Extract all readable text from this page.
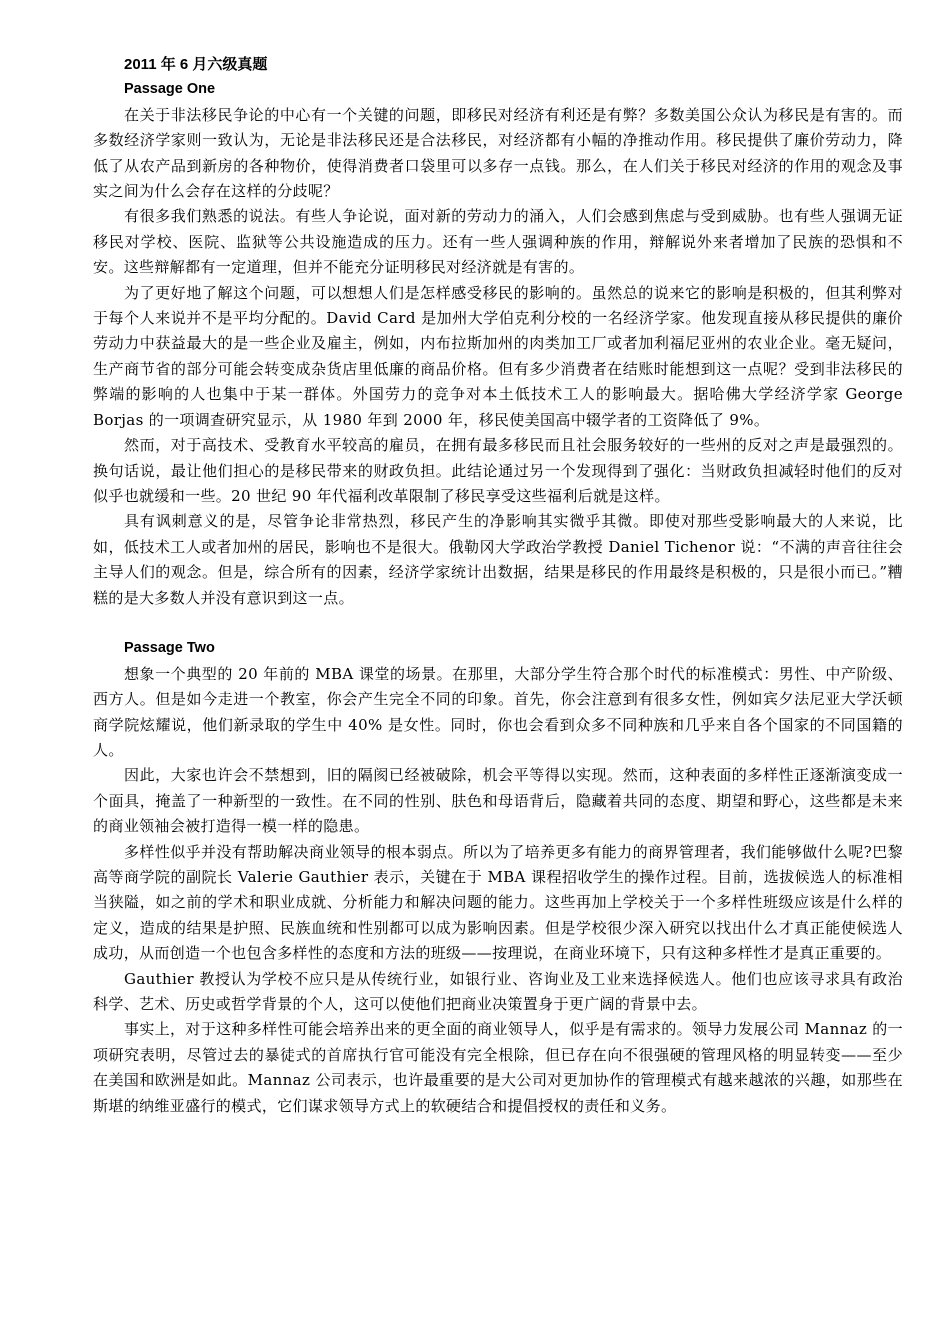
2011 年 6 月六级真题
Passage One

在关于非法移民争论的中心有一个关键的问题，即移民对经济有利还是有弊？多数美国公众认为移民是有害的。而多数经济学家则一致认为，无论是非法移民还是合法移民，对经济都有小幅的净推动作用。移民提供了廉价劳动力，降低了从农产品到新房的各种物价，使得消费者口袋里可以多存一点钱。那么，在人们关于移民对经济的作用的观念及事实之间为什么会存在这样的分歧呢？

有很多我们熟悉的说法。有些人争论说，面对新的劳动力的涌入，人们会感到焦虑与受到威胁。也有些人强调无证移民对学校、医院、监狱等公共设施造成的压力。还有一些人强调种族的作用，辩解说外来者增加了民族的恐惧和不安。这些辩解都有一定道理，但并不能充分证明移民对经济就是有害的。

为了更好地了解这个问题，可以想想人们是怎样感受移民的影响的。虽然总的说来它的影响是积极的，但其利弊对于每个人来说并不是平均分配的。David Card 是加州大学伯克利分校的一名经济学家。他发现直接从移民提供的廉价劳动力中获益最大的是一些企业及雇主，例如，内布拉斯加州的肉类加工厂或者加利福尼亚州的农业企业。毫无疑问，生产商节省的部分可能会转变成杂货店里低廉的商品价格。但有多少消费者在结账时能想到这一点呢？受到非法移民的弊端的影响的人也集中于某一群体。外国劳力的竞争对本土低技术工人的影响最大。据哈佛大学经济学家 George Borjas 的一项调查研究显示，从 1980 年到 2000 年，移民使美国高中辍学者的工资降低了 9%。

然而，对于高技术、受教育水平较高的雇员，在拥有最多移民而且社会服务较好的一些州的反对之声是最强烈的。换句话说，最让他们担心的是移民带来的财政负担。此结论通过另一个发现得到了强化：当财政负担减轻时他们的反对似乎也就缓和一些。20 世纪 90 年代福利改革限制了移民享受这些福利后就是这样。

具有讽刺意义的是，尽管争论非常热烈，移民产生的净影响其实微乎其微。即使对那些受影响最大的人来说，比如，低技术工人或者加州的居民，影响也不是很大。俄勒冈大学政治学教授 Daniel Tichenor 说：“不满的声音往往会主导人们的观念。但是，综合所有的因素，经济学家统计出数据，结果是移民的作用最终是积极的，只是很小而已。”糟糕的是大多数人并没有意识到这一点。

Passage Two

想象一个典型的 20 年前的 MBA 课堂的场景。在那里，大部分学生符合那个时代的标准模式：男性、中产阶级、西方人。但是如今走进一个教室，你会产生完全不同的印象。首先，你会注意到有很多女性，例如宾夕法尼亚大学沃顿商学院炫耀说，他们新录取的学生中 40% 是女性。同时，你也会看到众多不同种族和几乎来自各个国家的不同国籍的人。

因此，大家也许会不禁想到，旧的隔阂已经被破除，机会平等得以实现。然而，这种表面的多样性正逐渐演变成一个面具，掩盖了一种新型的一致性。在不同的性别、肤色和母语背后，隐藏着共同的态度、期望和野心，这些都是未来的商业领袖会被打造得一模一样的隐患。

多样性似乎并没有帮助解决商业领导的根本弱点。所以为了培养更多有能力的商界管理者，我们能够做什么呢?巴黎高等商学院的副院长 Valerie Gauthier 表示，关键在于 MBA 课程招收学生的操作过程。目前，选拔候选人的标准相当狭隘，如之前的学术和职业成就、分析能力和解决问题的能力。这些再加上学校关于一个多样性班级应该是什么样的定义，造成的结果是护照、民族血统和性别都可以成为影响因素。但是学校很少深入研究以找出什么才真正能使候选人成功，从而创造一个也包含多样性的态度和方法的班级——按理说，在商业环境下，只有这种多样性才是真正重要的。

Gauthier 教授认为学校不应只是从传统行业，如银行业、咨询业及工业来选择候选人。他们也应该寻求具有政治科学、艺术、历史或哲学背景的个人，这可以使他们把商业决策置身于更广阔的背景中去。

事实上，对于这种多样性可能会培养出来的更全面的商业领导人，似乎是有需求的。领导力发展公司 Mannaz 的一项研究表明，尽管过去的暴徒式的首席执行官可能没有完全根除，但已存在向不很强硬的管理风格的明显转变——至少在美国和欧洲是如此。Mannaz 公司表示，也许最重要的是大公司对更加协作的管理模式有越来越浓的兴趣，如那些在斯堪的纳维亚盛行的模式，它们谋求领导方式上的软硬结合和提倡授权的责任和义务。
